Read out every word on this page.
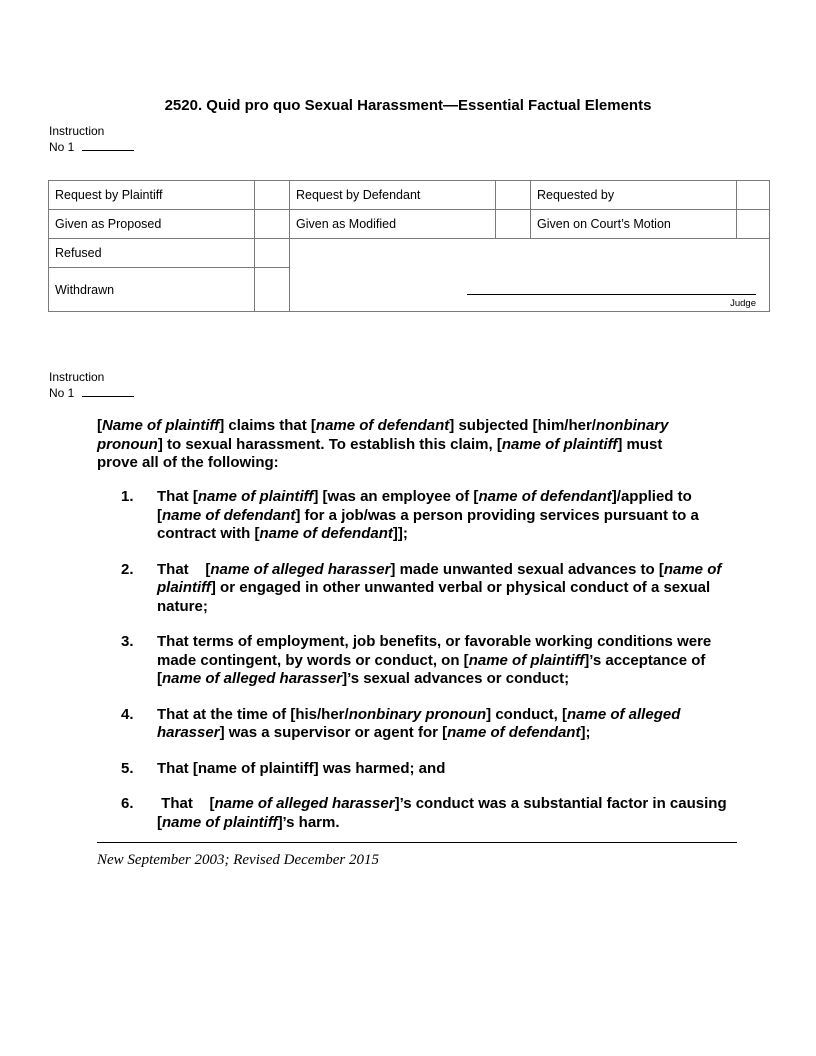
2520. Quid pro quo Sexual Harassment—Essential Factual Elements
Instruction
No 1
Request by Plaintiff		Request by Defendant		Requested by	
Given as Proposed		Given as Modified		Given on Court’s Motion	
Refused		Judge			

Withdrawn					
Instruction
No 1

[Name of plaintiff] claims that [name of defendant] subjected [him/her/nonbinary pronoun] to sexual harassment. To establish this claim, [name of plaintiff] must prove all of the following:

1. That [name of plaintiff] [was an employee of [name of defendant]/applied to [name of defendant] for a job/was a person providing services pursuant to a contract with [name of defendant]];
2. That    [name of alleged harasser] made unwanted sexual advances to [name of plaintiff] or engaged in other unwanted verbal or physical conduct of a sexual nature;
3. That terms of employment, job benefits, or favorable working conditions were made contingent, by words or conduct, on [name of plaintiff]’s acceptance of [name of alleged harasser]’s sexual advances or conduct;
4. That at the time of [his/her/nonbinary pronoun] conduct, [name of alleged harasser] was a supervisor or agent for [name of defendant];
5. That [name of plaintiff] was harmed; and
6. That    [name of alleged harasser]’s conduct was a substantial factor in causing [name of plaintiff]’s harm.
New September 2003; Revised December 2015
